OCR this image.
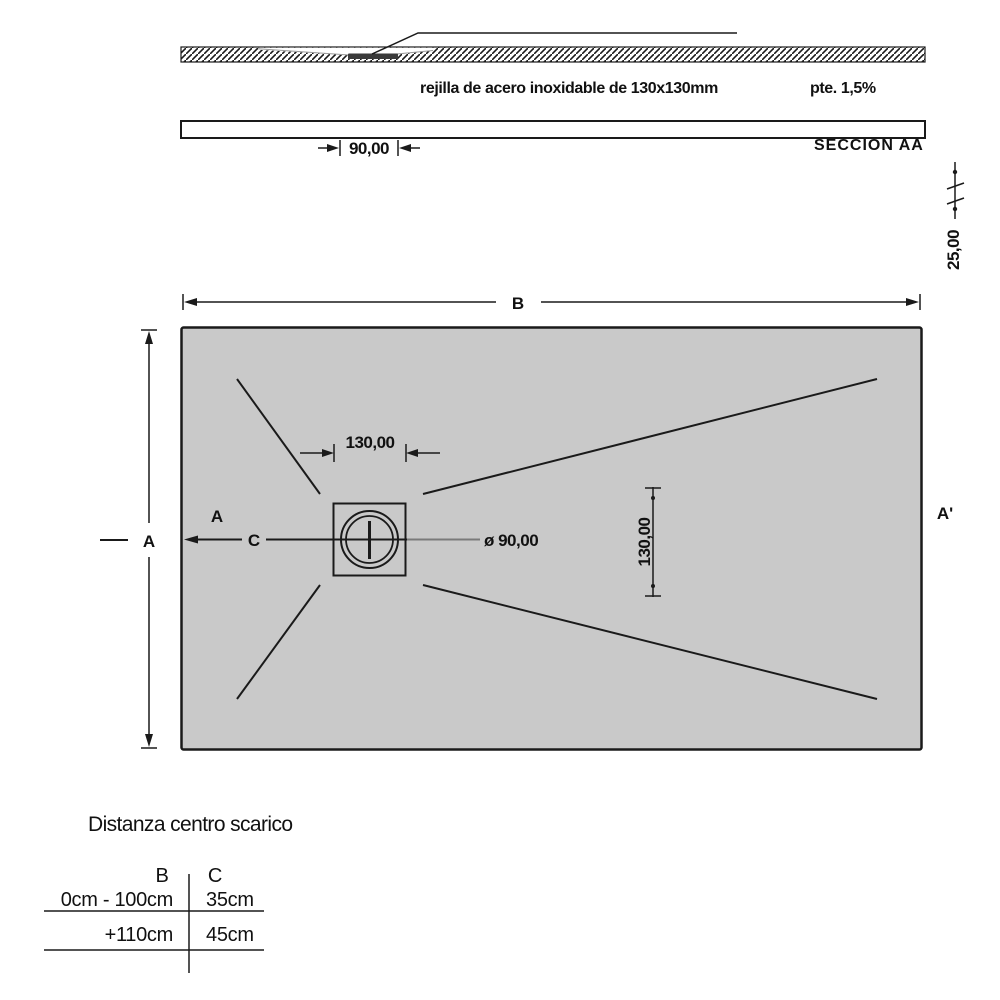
rejilla de acero inoxidable de 130x130mm	pte. 1,5%
SECCION AA
90,00
25,00
B
A	C	ø 90,00
A	A'
130,00
130,00
Distanza centro scarico
B C
0cm - 100cm 35cm
+110cm 45cm
